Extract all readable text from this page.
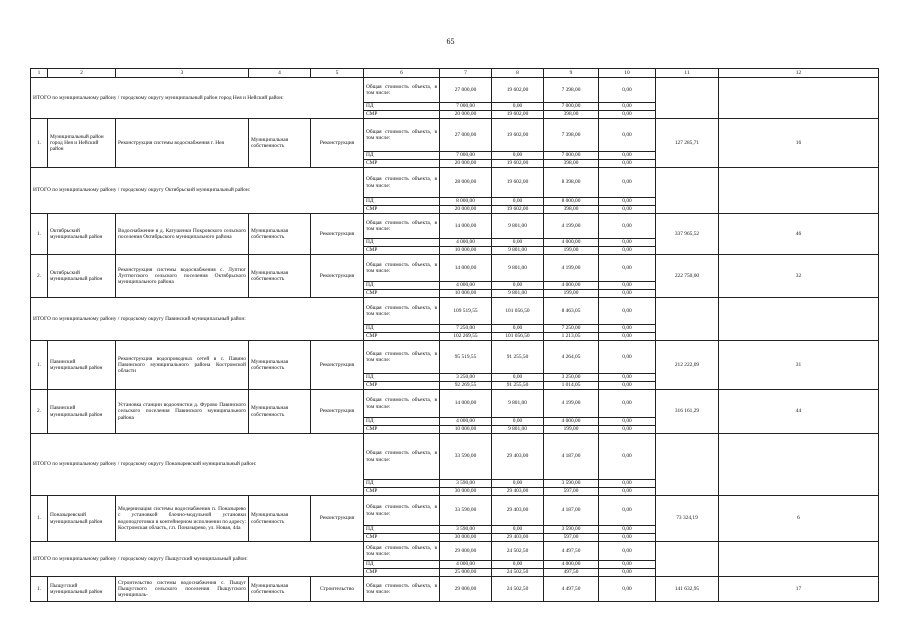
65
1	2	3	4	5	6	7	8	9	10	11	12
ИТОГО по муниципальному району / городскому округу муниципальный район город Нея и Нейский район:					Общая стоимость объекта, в том числе:	27 000,00	19 602,00	7 398,00	0,00		
					ПД	7 000,00	0,00	7 000,00	0,00		
					СМР	20 000,00	19 602,00	398,00	0,00		
1.	Муниципальный район город Нея и Нейский район	Реконструкция системы водоснабжения г. Нея	Муниципальная собственность	Реконструкция	Общая стоимость объекта, в том числе:	27 000,00	19 602,00	7 398,00	0,00	127 285,71	16
					ПД	7 000,00	0,00	7 000,00	0,00		
					СМР	20 000,00	19 602,00	398,00	0,00		
ИТОГО по муниципальному району / городскому округу Октябрьский муниципальный район:					Общая стоимость объекта, в том числе:	28 000,00	19 602,00	8 398,00	0,00		
					ПД	8 000,00	0,00	8 000,00	0,00		
					СМР	20 000,00	19 602,00	398,00	0,00		
1.	Октябрьский муниципальный район	Водоснабжение в д. Катушенки Покровского сельского поселения Октябрьского муниципального района	Муниципальная собственность	Реконструкция	Общая стоимость объекта, в том числе:	14 000,00	9 801,00	4 199,00	0,00	337 965,52	46
					ПД	4 000,00	0,00	4 000,00	0,00		
					СМР	10 000,00	9 801,00	199,00	0,00		
2.	Октябрьский муниципальный район	Реконструкция системы водоснабжения с. Луптюг Луптюгского сельского поселения Октябрьского муниципального района	Муниципальная собственность	Реконструкция	Общая стоимость объекта, в том числе:	14 000,00	9 801,00	4 199,00	0,00	222 750,00	32
					ПД	4 000,00	0,00	4 000,00	0,00		
					СМР	10 000,00	9 801,00	199,00	0,00		
ИТОГО по муниципальному району / городскому округу Павинский муниципальный район:					Общая стоимость объекта, в том числе:	109 519,55	101 056,50	8 463,05	0,00		
					ПД	7 250,00	0,00	7 250,00	0,00		
					СМР	102 269,55	101 056,50	1 213,05	0,00		
1.	Павинский муниципальный район	Реконструкция водопроводных сетей в с. Павино Павинского муниципального района Костромской области	Муниципальная собственность	Реконструкция	Общая стоимость объекта, в том числе:	95 519,55	91 255,50	4 264,05	0,00	212 222,09	31
					ПД	3 250,00	0,00	3 250,00	0,00		
					СМР	92 269,55	91 255,50	1 014,05	0,00		
2.	Павинский муниципальный район	Установка станции водоочистки д. Фурово Павинского сельского поселения Павинского муниципального района	Муниципальная собственность	Реконструкция	Общая стоимость объекта, в том числе:	14 000,00	9 801,00	4 199,00	0,00	316 161,29	44
					ПД	4 000,00	0,00	4 000,00	0,00		
					СМР	10 000,00	9 801,00	199,00	0,00		
ИТОГО по муниципальному району / городскому округу Поназыревский муниципальный район:					Общая стоимость объекта, в том числе:	33 590,00	29 403,00	4 187,00	0,00		
					ПД	3 590,00	0,00	3 590,00	0,00		
					СМР	30 000,00	29 403,00	597,00	0,00		
1.	Поназыревский муниципальный район	Модернизация системы водоснабжения п. Поназырево с установкой блочно-модульной установки водоподготовки в контейнерном исполнении по адресу: Костромская область, г.п. Поназырево, ул. Новая, 44а	Муниципальная собственность	Реконструкция	Общая стоимость объекта, в том числе:	33 590,00	29 403,00	4 187,00	0,00	73 324,19	6
					ПД	3 590,00	0,00	3 590,00	0,00		
					СМР	30 000,00	29 403,00	597,00	0,00		
ИТОГО по муниципальному району / городскому округу Пыщугский муниципальный район:					Общая стоимость объекта, в том числе:	29 000,00	24 502,50	4 497,50	0,00		
					ПД	4 000,00	0,00	4 000,00	0,00		
					СМР	25 000,00	24 502,50	497,50	0,00		
1.	Пыщугский муниципальный район	Строительство системы водоснабжения с. Пыщуг Пыщугского сельского поселения Пыщугского муниципаль-	Муниципальная собственность	Строительство	Общая стоимость объекта, в том числе:	29 000,00	24 502,50	4 497,50	0,00	141 632,95	17
